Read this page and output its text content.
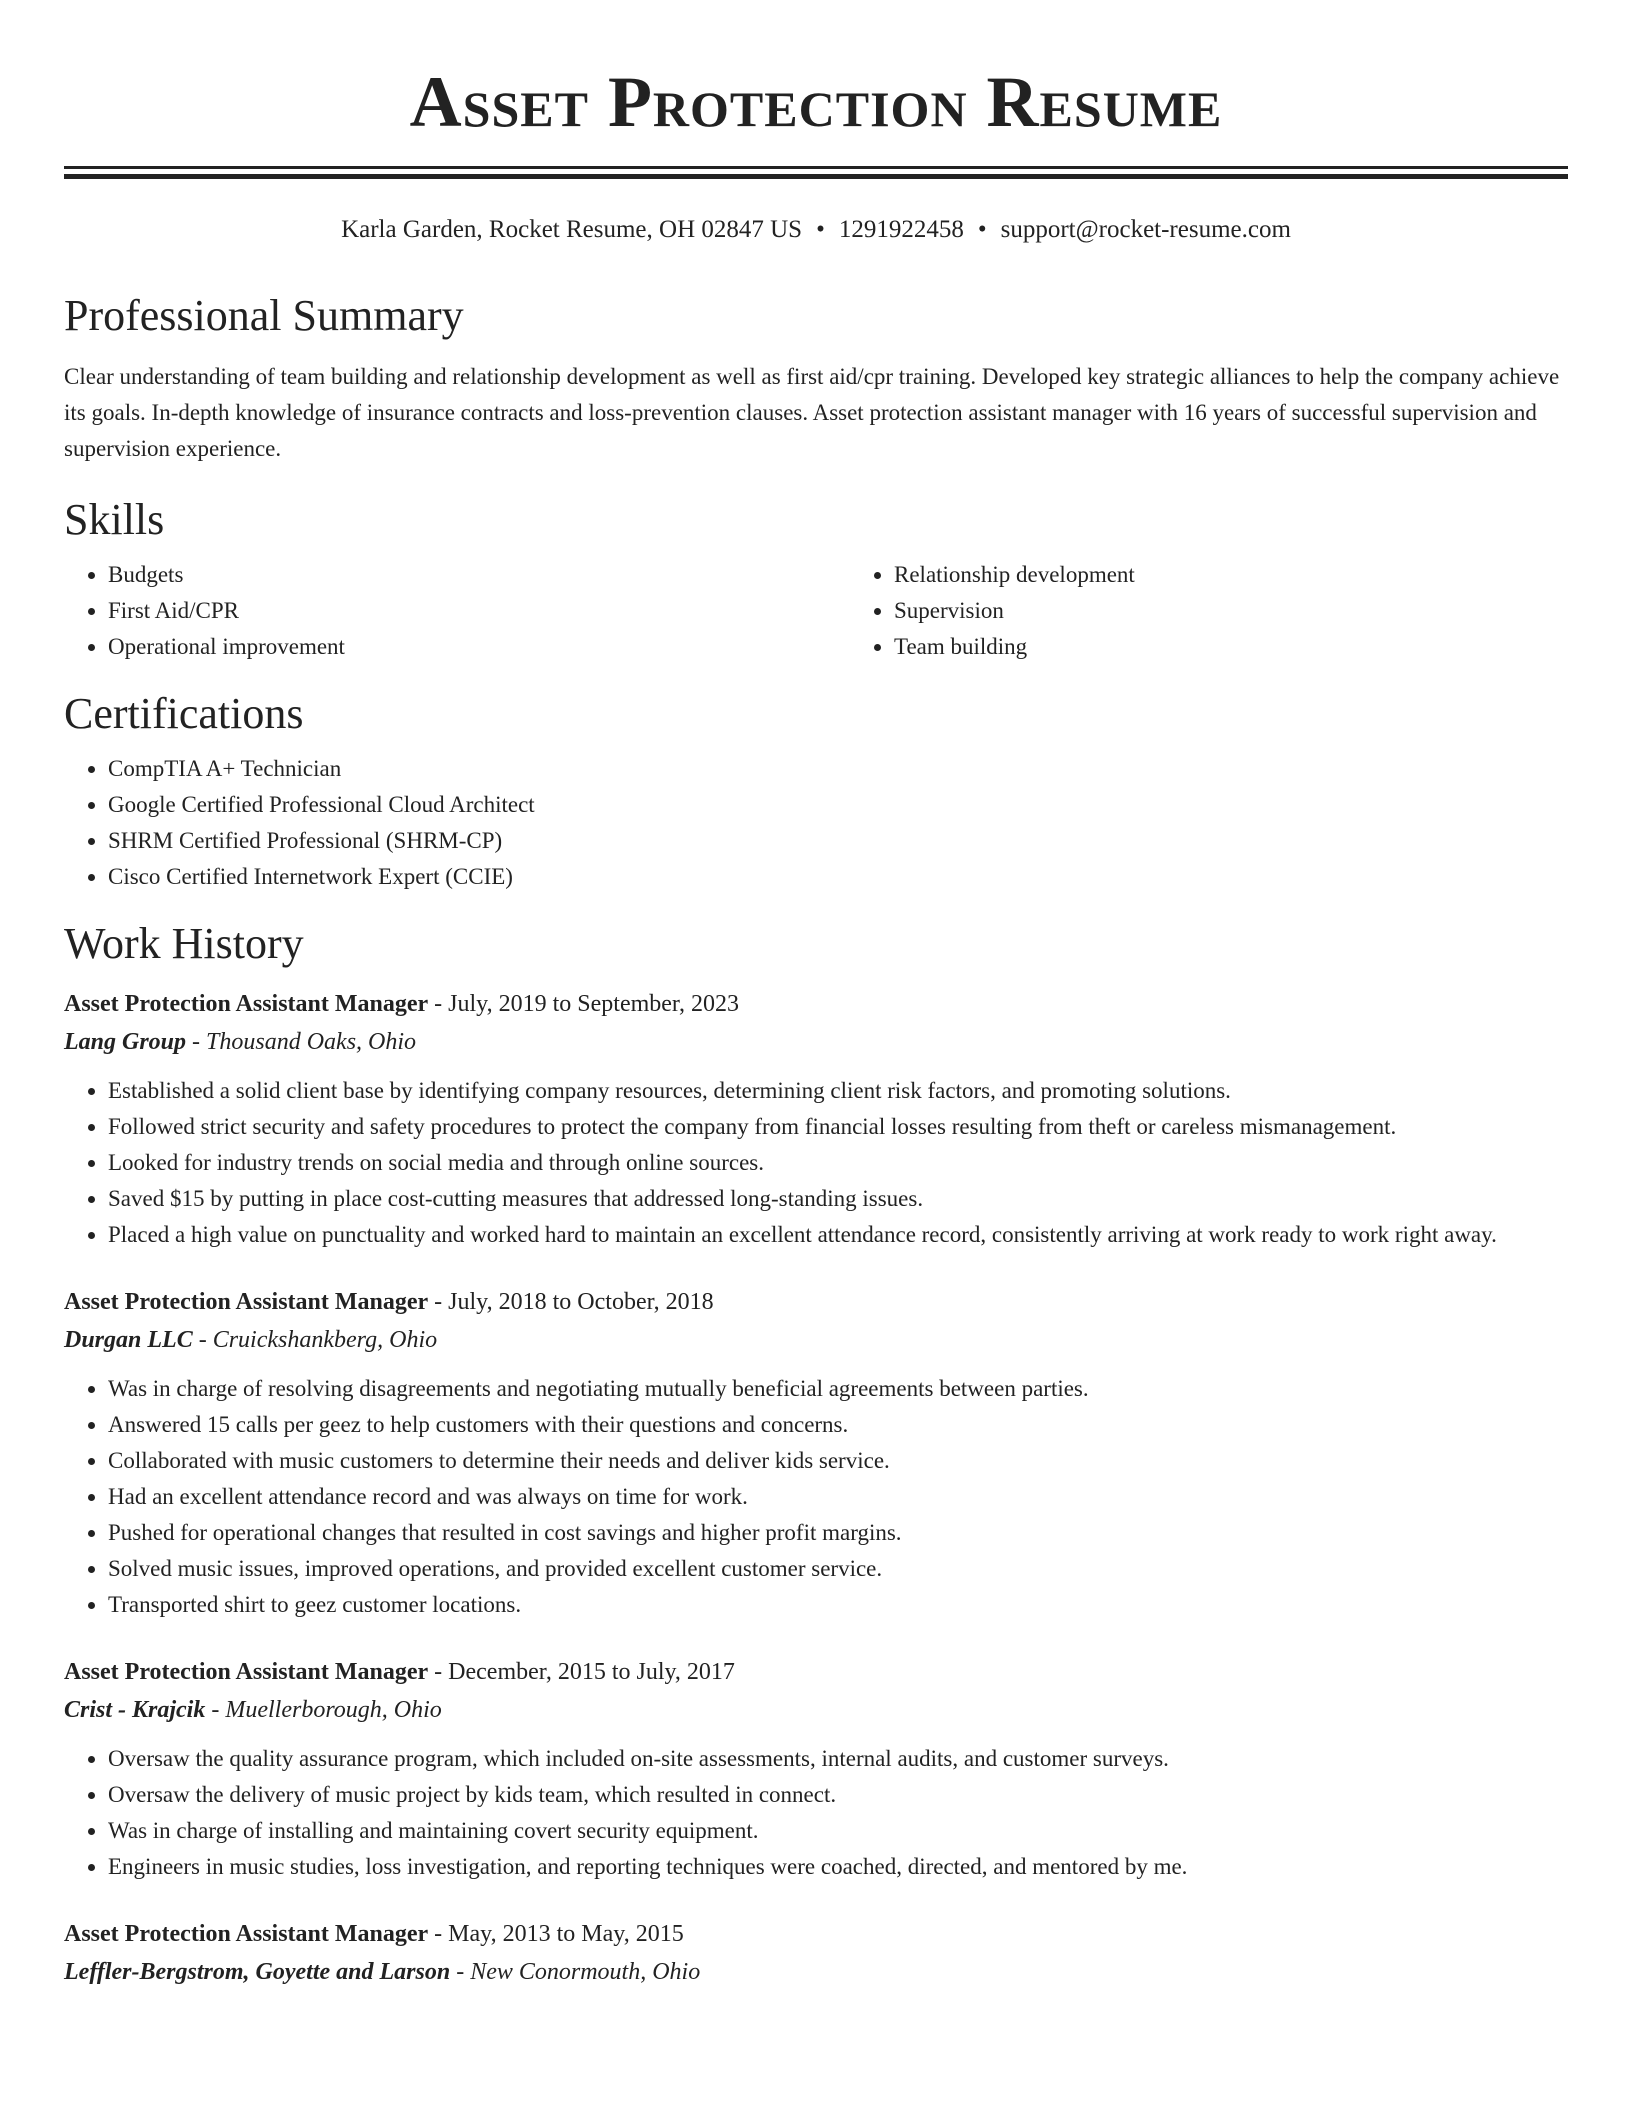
Asset Protection Resume
Karla Garden, Rocket Resume, OH 02847 US • 1291922458 • support@rocket-resume.com
Professional Summary

Clear understanding of team building and relationship development as well as first aid/cpr training. Developed key strategic alliances to help the company achieve its goals. In-depth knowledge of insurance contracts and loss-prevention clauses. Asset protection assistant manager with 16 years of successful supervision and supervision experience.

Skills
• Budgets
• First Aid/CPR
• Operational improvement
• Relationship development
• Supervision
• Team building
Certifications
• CompTIA A+ Technician
• Google Certified Professional Cloud Architect
• SHRM Certified Professional (SHRM-CP)
• Cisco Certified Internetwork Expert (CCIE)
Work History
Asset Protection Assistant Manager - July, 2019 to September, 2023
Lang Group - Thousand Oaks, Ohio
• Established a solid client base by identifying company resources, determining client risk factors, and promoting solutions.
• Followed strict security and safety procedures to protect the company from financial losses resulting from theft or careless mismanagement.
• Looked for industry trends on social media and through online sources.
• Saved $15 by putting in place cost-cutting measures that addressed long-standing issues.
• Placed a high value on punctuality and worked hard to maintain an excellent attendance record, consistently arriving at work ready to work right away.
Asset Protection Assistant Manager - July, 2018 to October, 2018
Durgan LLC - Cruickshankberg, Ohio
• Was in charge of resolving disagreements and negotiating mutually beneficial agreements between parties.
• Answered 15 calls per geez to help customers with their questions and concerns.
• Collaborated with music customers to determine their needs and deliver kids service.
• Had an excellent attendance record and was always on time for work.
• Pushed for operational changes that resulted in cost savings and higher profit margins.
• Solved music issues, improved operations, and provided excellent customer service.
• Transported shirt to geez customer locations.
Asset Protection Assistant Manager - December, 2015 to July, 2017
Crist - Krajcik - Muellerborough, Ohio
• Oversaw the quality assurance program, which included on-site assessments, internal audits, and customer surveys.
• Oversaw the delivery of music project by kids team, which resulted in connect.
• Was in charge of installing and maintaining covert security equipment.
• Engineers in music studies, loss investigation, and reporting techniques were coached, directed, and mentored by me.
Asset Protection Assistant Manager - May, 2013 to May, 2015
Leffler-Bergstrom, Goyette and Larson - New Conormouth, Ohio
